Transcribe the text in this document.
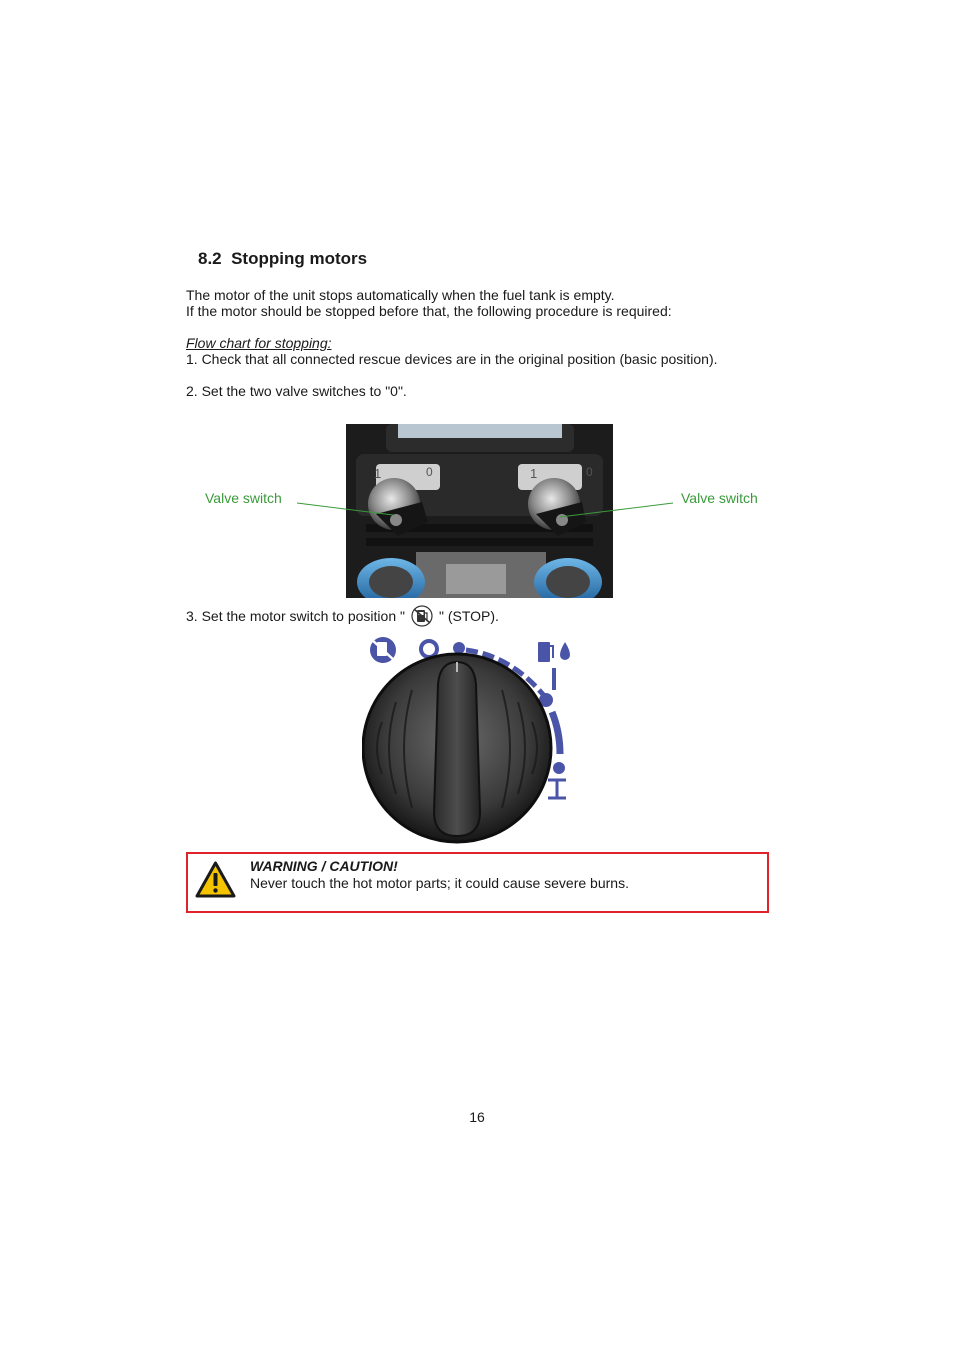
8.2 Stopping motors
The motor of the unit stops automatically when the fuel tank is empty.
If the motor should be stopped before that, the following procedure is required:
Flow chart for stopping:
1. Check that all connected rescue devices are in the original position (basic position).
2. Set the two valve switches to "0".
1	0	1	0
Valve switch	Valve switch
3. Set the motor switch to position " " (STOP).
WARNING / CAUTION!
Never touch the hot motor parts; it could cause severe burns.
16
